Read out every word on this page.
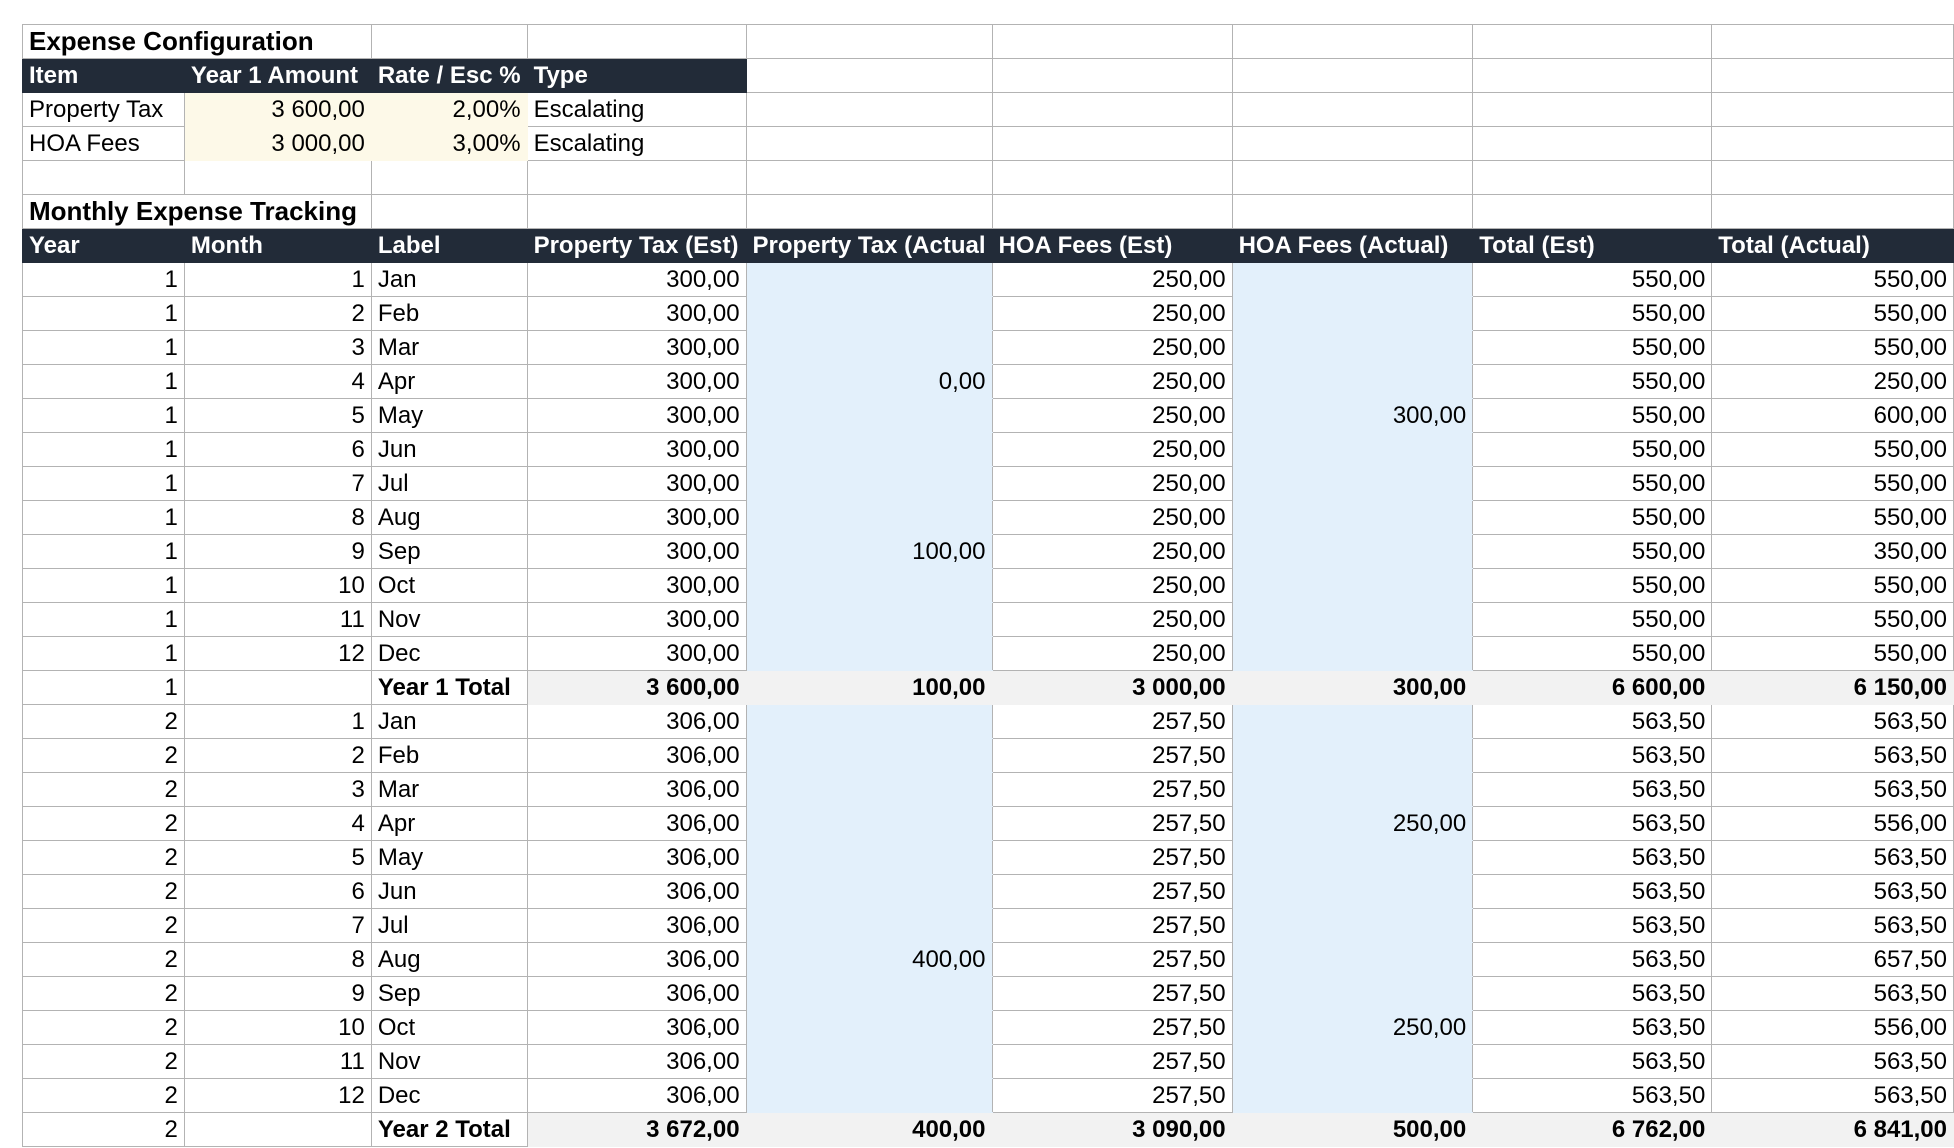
Expense Configuration								
Item	Year 1 Amount	Rate / Esc %	Type					
Property Tax	3 600,00	2,00%	Escalating					
HOA Fees	3 000,00	3,00%	Escalating					

Monthly Expense Tracking								
Year	Month	Label	Property Tax (Est)	Property Tax (Actual	HOA Fees (Est)	HOA Fees (Actual)	Total (Est)	Total (Actual)
1	1	Jan	300,00		250,00		550,00	550,00
1	2	Feb	300,00		250,00		550,00	550,00
1	3	Mar	300,00		250,00		550,00	550,00
1	4	Apr	300,00	0,00	250,00		550,00	250,00
1	5	May	300,00		250,00	300,00	550,00	600,00
1	6	Jun	300,00		250,00		550,00	550,00
1	7	Jul	300,00		250,00		550,00	550,00
1	8	Aug	300,00		250,00		550,00	550,00
1	9	Sep	300,00	100,00	250,00		550,00	350,00
1	10	Oct	300,00		250,00		550,00	550,00
1	11	Nov	300,00		250,00		550,00	550,00
1	12	Dec	300,00		250,00		550,00	550,00
1		Year 1 Total	3 600,00	100,00	3 000,00	300,00	6 600,00	6 150,00
2	1	Jan	306,00		257,50		563,50	563,50
2	2	Feb	306,00		257,50		563,50	563,50
2	3	Mar	306,00		257,50		563,50	563,50
2	4	Apr	306,00		257,50	250,00	563,50	556,00
2	5	May	306,00		257,50		563,50	563,50
2	6	Jun	306,00		257,50		563,50	563,50
2	7	Jul	306,00		257,50		563,50	563,50
2	8	Aug	306,00	400,00	257,50		563,50	657,50
2	9	Sep	306,00		257,50		563,50	563,50
2	10	Oct	306,00		257,50	250,00	563,50	556,00
2	11	Nov	306,00		257,50		563,50	563,50
2	12	Dec	306,00		257,50		563,50	563,50
2		Year 2 Total	3 672,00	400,00	3 090,00	500,00	6 762,00	6 841,00
